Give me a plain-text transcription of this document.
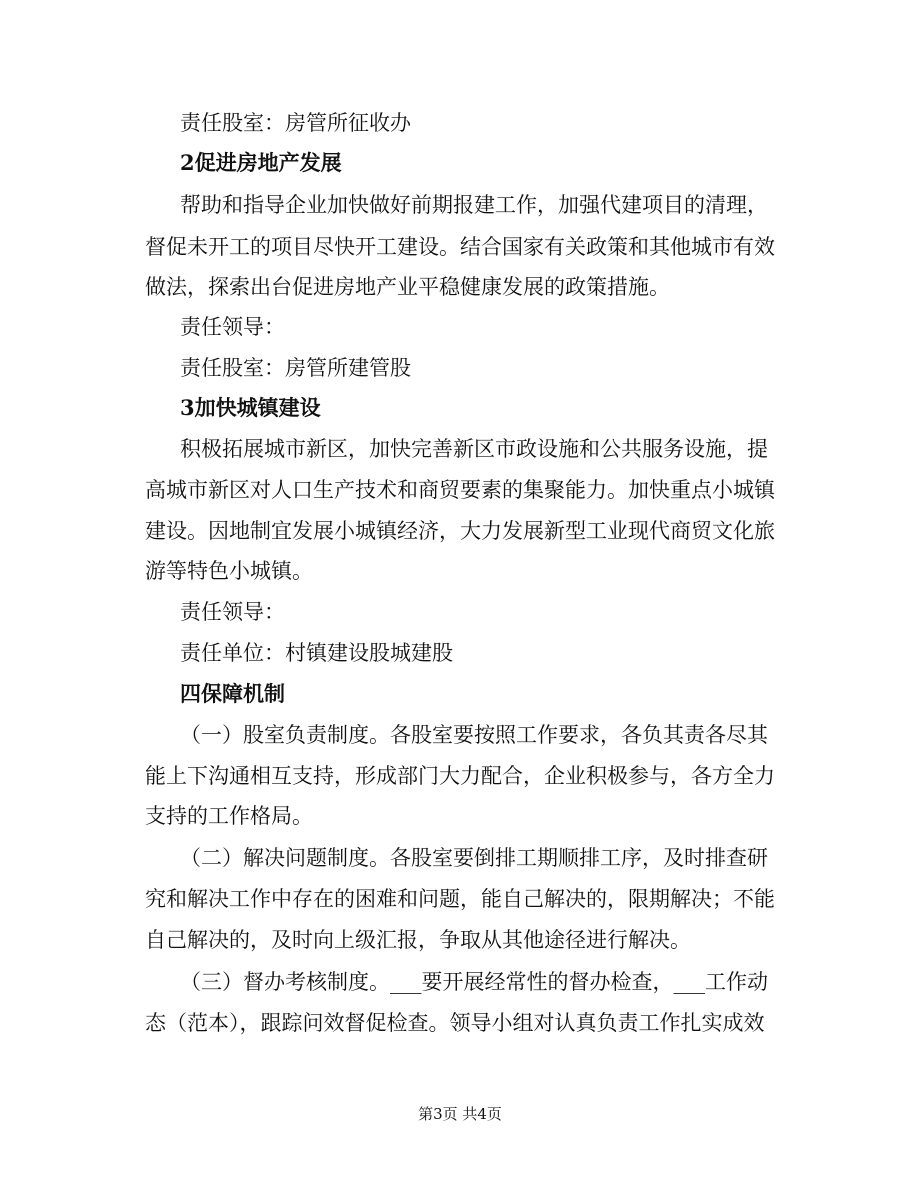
责任股室：房管所征收办
2促进房地产发展
帮助和指导企业加快做好前期报建工作，加强代建项目的清理，
督促未开工的项目尽快开工建设。结合国家有关政策和其他城市有效
做法，探索出台促进房地产业平稳健康发展的政策措施。
责任领导：
责任股室：房管所建管股
3加快城镇建设
积极拓展城市新区，加快完善新区市政设施和公共服务设施，提
高城市新区对人口生产技术和商贸要素的集聚能力。加快重点小城镇
建设。因地制宜发展小城镇经济，大力发展新型工业现代商贸文化旅
游等特色小城镇。
责任领导：
责任单位：村镇建设股城建股
四保障机制
（一）股室负责制度。各股室要按照工作要求，各负其责各尽其
能上下沟通相互支持，形成部门大力配合，企业积极参与，各方全力
支持的工作格局。
（二）解决问题制度。各股室要倒排工期顺排工序，及时排查研
究和解决工作中存在的困难和问题，能自己解决的，限期解决；不能
自己解决的，及时向上级汇报，争取从其他途径进行解决。
（三）督办考核制度。___要开展经常性的督办检查，___工作动
态（范本），跟踪问效督促检查。领导小组对认真负责工作扎实成效
第3页 共4页
